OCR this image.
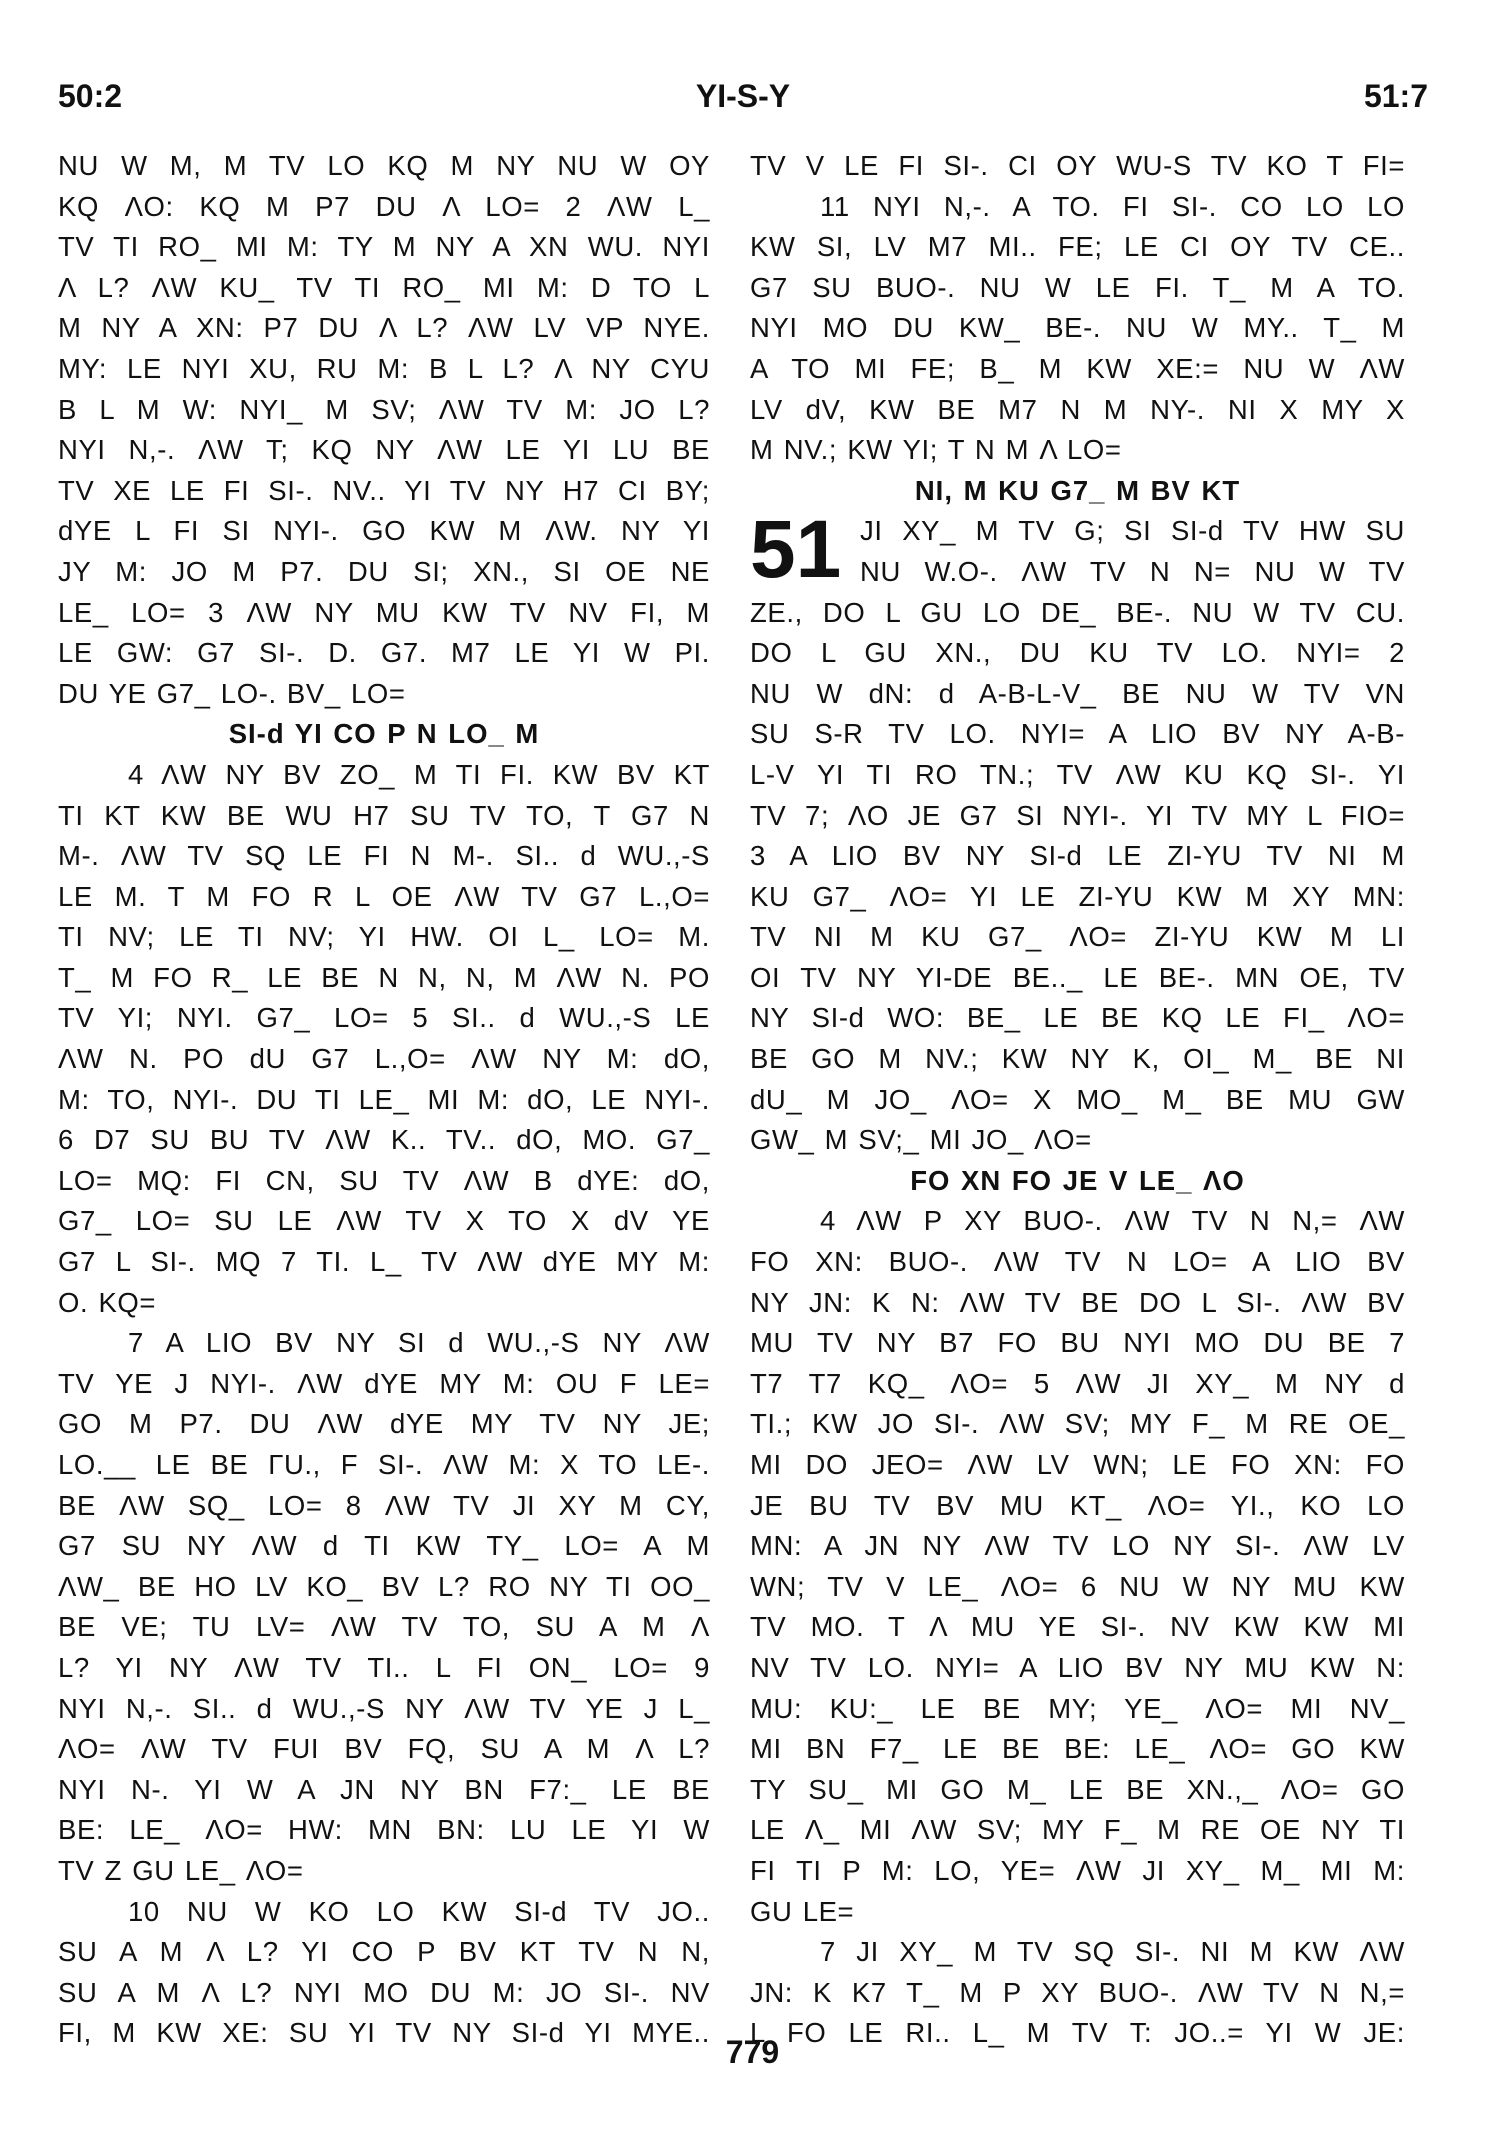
50:2	YI-S-Y	51:7
NU W M, M TV LO KQ M NY NU W OY
KQ ΛO: KQ M P7 DU Λ LO= 2 ΛW L_
TV TI RO_ MI M: TY M NY A XN WU. NYI
Λ L? ΛW KU_ TV TI RO_ MI M: D TO L
M NY A XN: P7 DU Λ L? ΛW LV VP NYE.
MY: LE NYI XU, RU M: B L L? Λ NY CYU
B L M W: NYI_ M SV; ΛW TV M: JO L?
NYI N,-. ΛW T; KQ NY ΛW LE YI LU BE
TV XE LE FI SI-. NV.. YI TV NY H7 CI BY;
dYE L FI SI NYI-. GO KW M ΛW. NY YI
JY M: JO M P7. DU SI; XN., SI OE NE
LE_ LO= 3 ΛW NY MU KW TV NV FI, M
LE GW: G7 SI-. D. G7. M7 LE YI W PI.
DU YE G7_ LO-. BV_ LO=
SI-d YI CO P N LO_ M
4 ΛW NY BV ZO_ M TI FI. KW BV KT
TI KT KW BE WU H7 SU TV TO, T G7 N
M-. ΛW TV SQ LE FI N M-. SI.. d WU.,-S
LE M. T M FO R L OE ΛW TV G7 L.,O=
TI NV; LE TI NV; YI HW. OI L_ LO= M.
T_ M FO R_ LE BE N N, N, M ΛW N. PO
TV YI; NYI. G7_ LO= 5 SI.. d WU.,-S LE
ΛW N. PO dU G7 L.,O= ΛW NY M: dO,
M: TO, NYI-. DU TI LE_ MI M: dO, LE NYI-.
6 D7 SU BU TV ΛW K.. TV.. dO, MO. G7_
LO= MQ: FI CN, SU TV ΛW B dYE: dO,
G7_ LO= SU LE ΛW TV X TO X dV YE
G7 L SI-. MQ 7 TI. L_ TV ΛW dYE MY M:
O. KQ=
7 A LIO BV NY SI d WU.,-S NY ΛW
TV YE J NYI-. ΛW dYE MY M: OU F LE=
GO M P7. DU ΛW dYE MY TV NY JE;
LO.__ LE BE ΓU., F SI-. ΛW M: X TO LE-.
BE ΛW SQ_ LO= 8 ΛW TV JI XY M CY,
G7 SU NY ΛW d TI KW TY_ LO= A M
ΛW_ BE HO LV KO_ BV L? RO NY TI OO_
BE VE; TU LV= ΛW TV TO, SU A M Λ
L? YI NY ΛW TV TI.. L FI ON_ LO= 9
NYI N,-. SI.. d WU.,-S NY ΛW TV YE J L_
ΛO= ΛW TV FUI BV FQ, SU A M Λ L?
NYI N-. YI W A JN NY BN F7:_ LE BE
BE: LE_ ΛO= HW: MN BN: LU LE YI W
TV Z GU LE_ ΛO=
10 NU W KO LO KW SI-d TV JO..
SU A M Λ L? YI CO P BV KT TV N N,
SU A M Λ L? NYI MO DU M: JO SI-. NV
FI, M KW XE: SU YI TV NY SI-d YI MYE..
TV V LE FI SI-. CI OY WU-S TV KO T FI=
11 NYI N,-. A TO. FI SI-. CO LO LO
KW SI, LV M7 MI.. FE; LE CI OY TV CE..
G7 SU BUO-. NU W LE FI. T_ M A TO.
NYI MO DU KW_ BE-. NU W MY.. T_ M
A TO MI FE; B_ M KW XE:= NU W ΛW
LV dV, KW BE M7 N M NY-. NI X MY X
M NV.; KW YI; T N M Λ LO=
NI, M KU G7_ M BV KT
51 JI XY_ M TV G; SI SI-d TV HW SU
NU W.O-. ΛW TV N N= NU W TV
ZE., DO L GU LO DE_ BE-. NU W TV CU.
DO L GU XN., DU KU TV LO. NYI= 2
NU W dN: d A-B-L-V_ BE NU W TV VN
SU S-R TV LO. NYI= A LIO BV NY A-B-
L-V YI TI RO TN.; TV ΛW KU KQ SI-. YI
TV 7; ΛO JE G7 SI NYI-. YI TV MY L FIO=
3 A LIO BV NY SI-d LE ZI-YU TV NI M
KU G7_ ΛO= YI LE ZI-YU KW M XY MN:
TV NI M KU G7_ ΛO= ZI-YU KW M LI
OI TV NY YI-DE BE.._ LE BE-. MN OE, TV
NY SI-d WO: BE_ LE BE KQ LE FI_ ΛO=
BE GO M NV.; KW NY K, OI_ M_ BE NI
dU_ M JO_ ΛO= X MO_ M_ BE MU GW
GW_ M SV;_ MI JO_ ΛO=
FO XN FO JE V LE_ ΛO
4 ΛW P XY BUO-. ΛW TV N N,= ΛW
FO XN: BUO-. ΛW TV N LO= A LIO BV
NY JN: K N: ΛW TV BE DO L SI-. ΛW BV
MU TV NY B7 FO BU NYI MO DU BE 7
T7 T7 KQ_ ΛO= 5 ΛW JI XY_ M NY d
TI.; KW JO SI-. ΛW SV; MY F_ M RE OE_
MI DO JEO= ΛW LV WN; LE FO XN: FO
JE BU TV BV MU KT_ ΛO= YI., KO LO
MN: A JN NY ΛW TV LO NY SI-. ΛW LV
WN; TV V LE_ ΛO= 6 NU W NY MU KW
TV MO. T Λ MU YE SI-. NV KW KW MI
NV TV LO. NYI= A LIO BV NY MU KW N:
MU: KU:_ LE BE MY; YE_ ΛO= MI NV_
MI BN F7_ LE BE BE: LE_ ΛO= GO KW
TY SU_ MI GO M_ LE BE XN.,_ ΛO= GO
LE Λ_ MI ΛW SV; MY F_ M RE OE NY TI
FI TI P M: LO, YE= ΛW JI XY_ M_ MI M:
GU LE=
7 JI XY_ M TV SQ SI-. NI M KW ΛW
JN: K K7 T_ M P XY BUO-. ΛW TV N N,=
L FO LE RI.. L_ M TV T: JO..= YI W JE:
779
